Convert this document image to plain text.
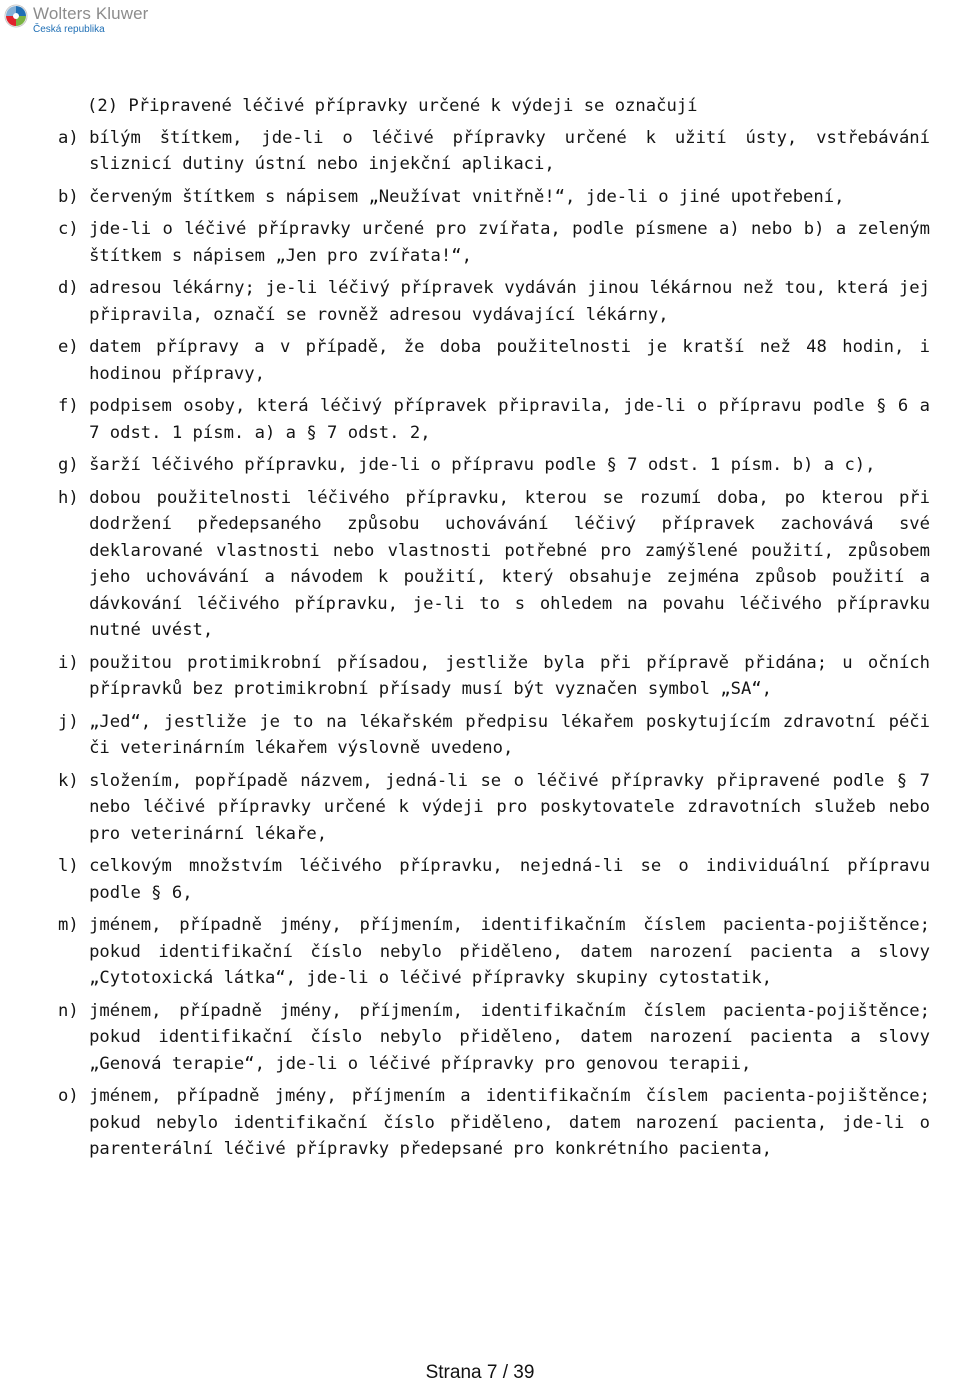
Wolters Kluwer
Česká republika
(2) Připravené léčivé přípravky určené k výdeji se označují
a)
bílým štítkem, jde-li o léčivé přípravky určené k užití ústy, vstřebávání sliznicí dutiny ústní nebo injekční aplikaci,
b)
červeným štítkem s nápisem „Neužívat vnitřně!“, jde-li o jiné upotřebení,
c)
jde-li o léčivé přípravky určené pro zvířata, podle písmene a) nebo b) a zeleným štítkem s nápisem „Jen pro zvířata!“,
d)
adresou lékárny; je-li léčivý přípravek vydáván jinou lékárnou než tou, která jej připravila, označí se rovněž adresou vydávající lékárny,
e)
datem přípravy a v případě, že doba použitelnosti je kratší než 48 hodin, i hodinou přípravy,
f)
podpisem osoby, která léčivý přípravek připravila, jde-li o přípravu podle § 6 a 7 odst. 1 písm. a) a § 7 odst. 2,
g)
šarží léčivého přípravku, jde-li o přípravu podle § 7 odst. 1 písm. b) a c),
h)
dobou použitelnosti léčivého přípravku, kterou se rozumí doba, po kterou při dodržení předepsaného způsobu uchovávání léčivý přípravek zachovává své deklarované vlastnosti nebo vlastnosti potřebné pro zamýšlené použití, způsobem jeho uchovávání a návodem k použití, který obsahuje zejména způsob použití a dávkování léčivého přípravku, je-li to s ohledem na povahu léčivého přípravku nutné uvést,
i)
použitou protimikrobní přísadou, jestliže byla při přípravě přidána; u očních přípravků bez protimikrobní přísady musí být vyznačen symbol „SA“,
j)
„Jed“, jestliže je to na lékařském předpisu lékařem poskytujícím zdravotní péči či veterinárním lékařem výslovně uvedeno,
k)
složením, popřípadě názvem, jedná-li se o léčivé přípravky připravené podle § 7 nebo léčivé přípravky určené k výdeji pro poskytovatele zdravotních služeb nebo pro veterinární lékaře,
l)
celkovým množstvím léčivého přípravku, nejedná-li se o individuální přípravu podle § 6,
m)
jménem, případně jmény, příjmením, identifikačním číslem pacienta-pojištěnce; pokud identifikační číslo nebylo přiděleno, datem narození pacienta a slovy „Cytotoxická látka“, jde-li o léčivé přípravky skupiny cytostatik,
n)
jménem, případně jmény, příjmením, identifikačním číslem pacienta-pojištěnce; pokud identifikační číslo nebylo přiděleno, datem narození pacienta a slovy „Genová terapie“, jde-li o léčivé přípravky pro genovou terapii,
o)
jménem, případně jmény, příjmením a identifikačním číslem pacienta-pojištěnce; pokud nebylo identifikační číslo přiděleno, datem narození pacienta, jde-li o parenterální léčivé přípravky předepsané pro konkrétního pacienta,
Strana 7 / 39
